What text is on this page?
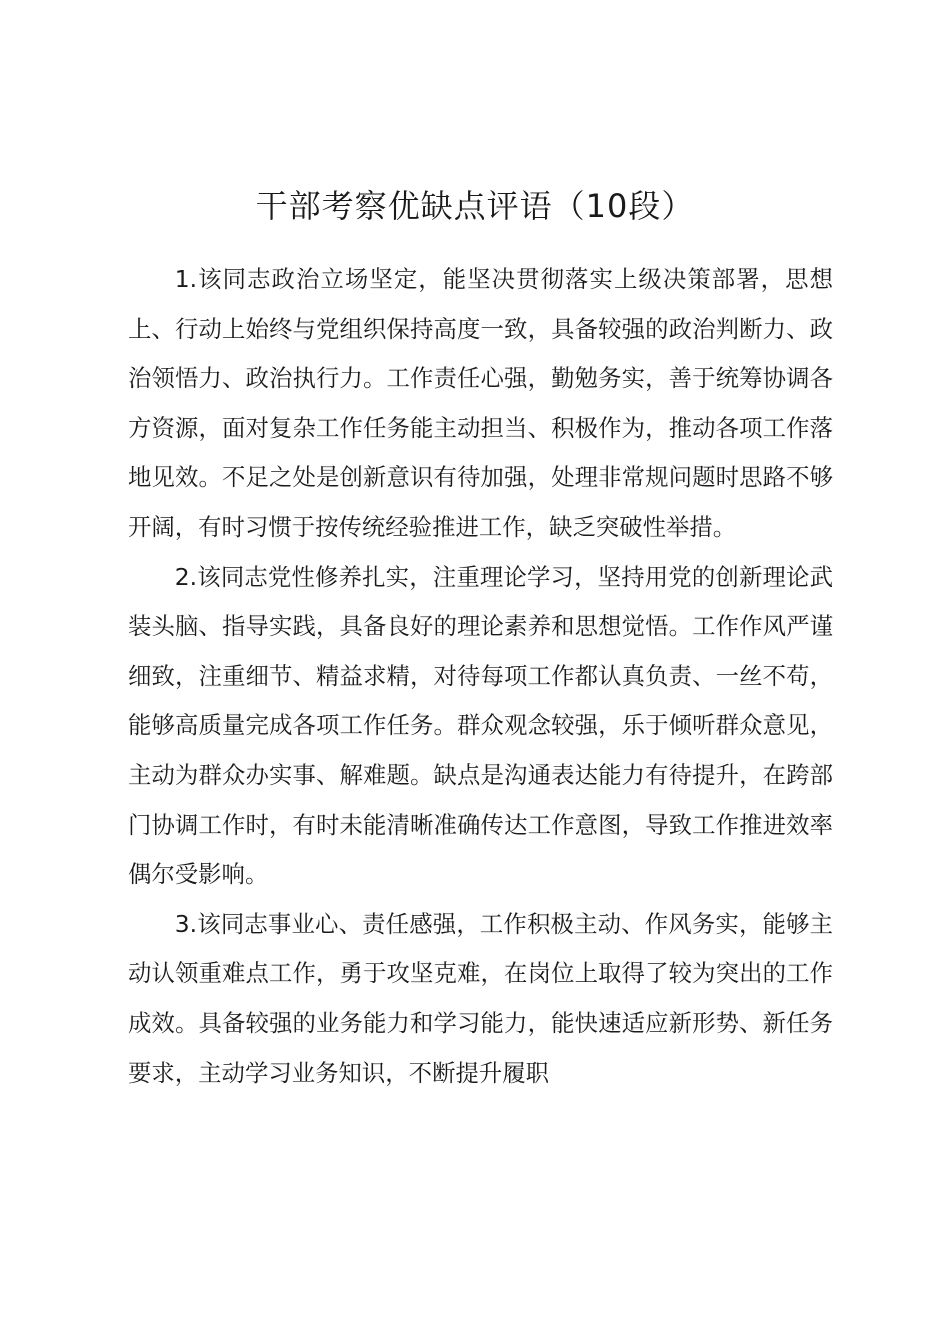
干部考察优缺点评语（10段）

1.该同志政治立场坚定，能坚决贯彻落实上级决策部署，思想上、行动上始终与党组织保持高度一致，具备较强的政治判断力、政治领悟力、政治执行力。工作责任心强，勤勉务实，善于统筹协调各方资源，面对复杂工作任务能主动担当、积极作为，推动各项工作落地见效。不足之处是创新意识有待加强，处理非常规问题时思路不够开阔，有时习惯于按传统经验推进工作，缺乏突破性举措。

2.该同志党性修养扎实，注重理论学习，坚持用党的创新理论武装头脑、指导实践，具备良好的理论素养和思想觉悟。工作作风严谨细致，注重细节、精益求精，对待每项工作都认真负责、一丝不苟，能够高质量完成各项工作任务。群众观念较强，乐于倾听群众意见，主动为群众办实事、解难题。缺点是沟通表达能力有待提升，在跨部门协调工作时，有时未能清晰准确传达工作意图，导致工作推进效率偶尔受影响。

3.该同志事业心、责任感强，工作积极主动、作风务实，能够主动认领重难点工作，勇于攻坚克难，在岗位上取得了较为突出的工作成效。具备较强的业务能力和学习能力，能快速适应新形势、新任务要求，主动学习业务知识，不断提升履职
